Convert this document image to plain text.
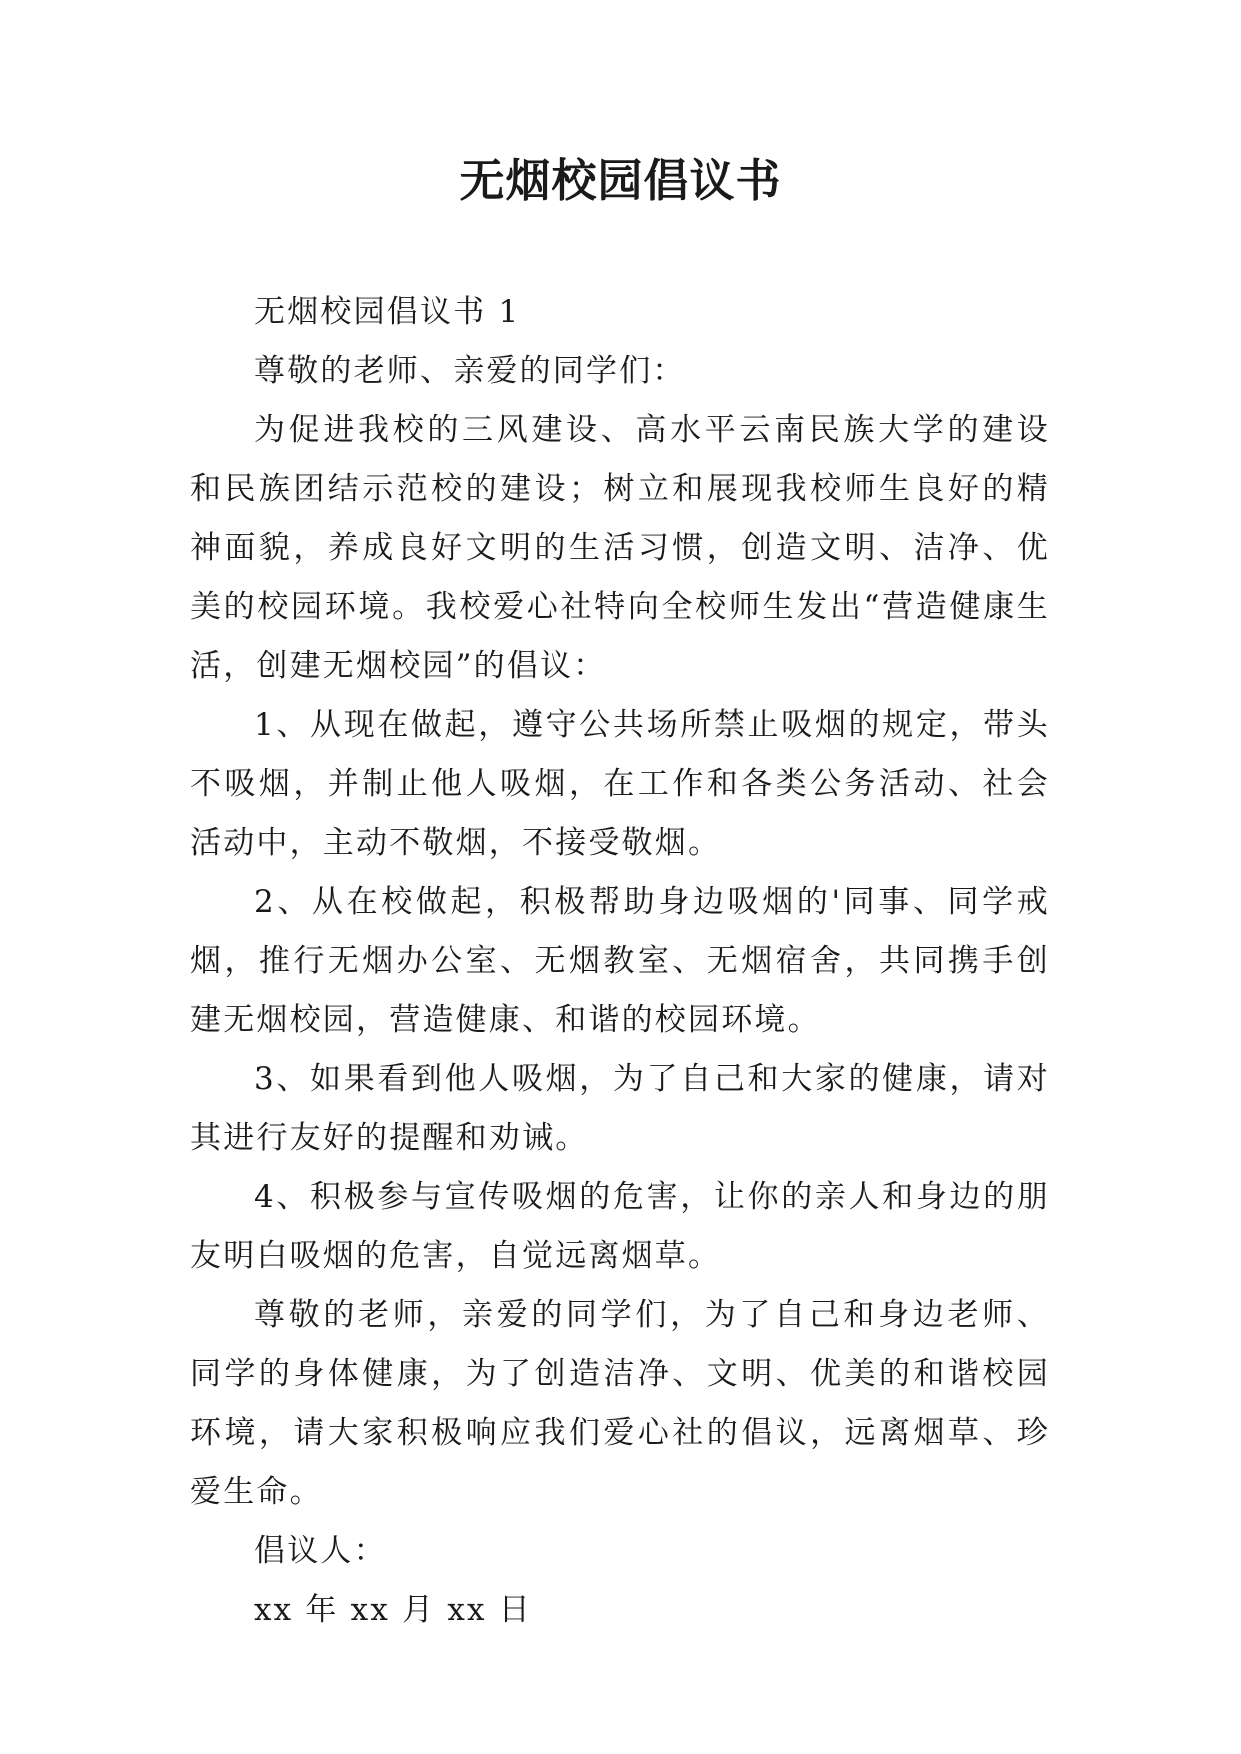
无烟校园倡议书

无烟校园倡议书 1

尊敬的老师、亲爱的同学们：

为促进我校的三风建设、高水平云南民族大学的建设和民族团结示范校的建设；树立和展现我校师生良好的精神面貌，养成良好文明的生活习惯，创造文明、洁净、优美的校园环境。我校爱心社特向全校师生发出“营造健康生活，创建无烟校园”的倡议：

1、从现在做起，遵守公共场所禁止吸烟的规定，带头不吸烟，并制止他人吸烟，在工作和各类公务活动、社会活动中，主动不敬烟，不接受敬烟。

2、从在校做起，积极帮助身边吸烟的'同事、同学戒烟，推行无烟办公室、无烟教室、无烟宿舍，共同携手创建无烟校园，营造健康、和谐的校园环境。

3、如果看到他人吸烟，为了自己和大家的健康，请对其进行友好的提醒和劝诫。

4、积极参与宣传吸烟的危害，让你的亲人和身边的朋友明白吸烟的危害，自觉远离烟草。

尊敬的老师，亲爱的同学们，为了自己和身边老师、同学的身体健康，为了创造洁净、文明、优美的和谐校园环境，请大家积极响应我们爱心社的倡议，远离烟草、珍爱生命。

倡议人：

xx 年 xx 月 xx 日
